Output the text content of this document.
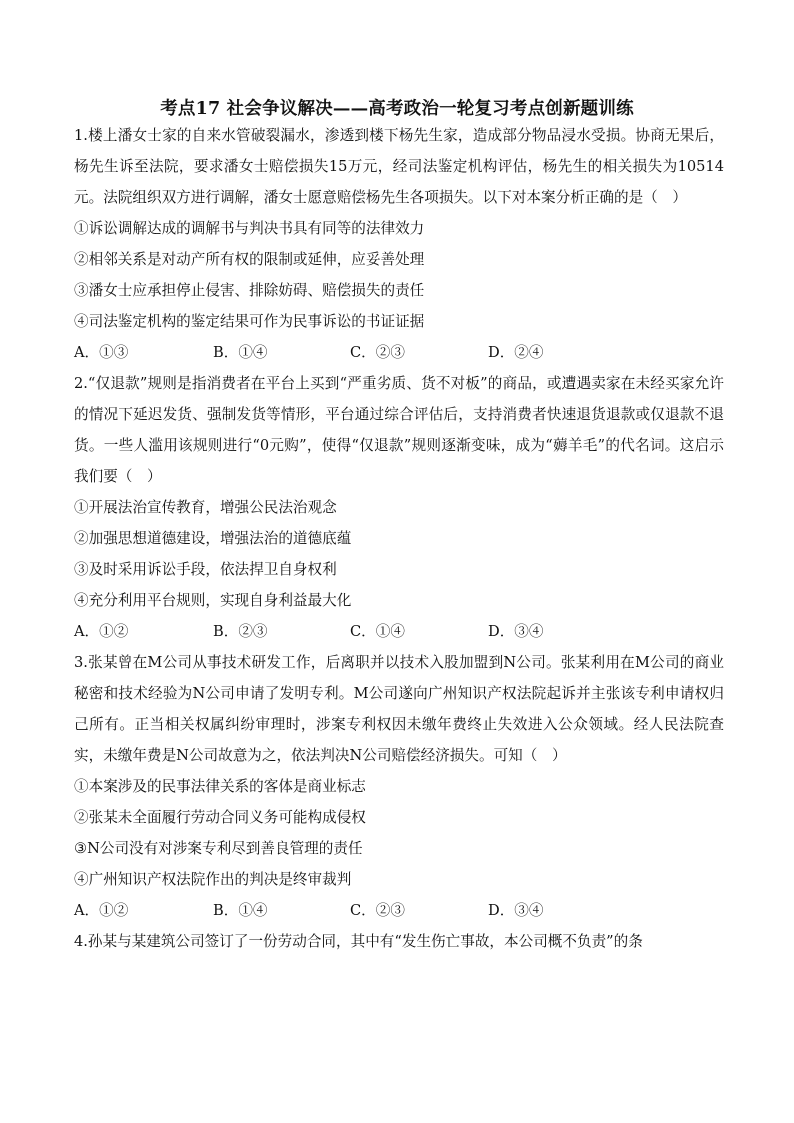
考点17 社会争议解决——高考政治一轮复习考点创新题训练
1.楼上潘女士家的自来水管破裂漏水，渗透到楼下杨先生家，造成部分物品浸水受损。协商无果后，杨先生诉至法院，要求潘女士赔偿损失15万元，经司法鉴定机构评估，杨先生的相关损失为10514元。法院组织双方进行调解，潘女士愿意赔偿杨先生各项损失。以下对本案分析正确的是（　）
①诉讼调解达成的调解书与判决书具有同等的法律效力
②相邻关系是对动产所有权的限制或延伸，应妥善处理
③潘女士应承担停止侵害、排除妨碍、赔偿损失的责任
④司法鉴定机构的鉴定结果可作为民事诉讼的书证证据
A．①③	B．①④	C．②③	D．②④
2.“仅退款”规则是指消费者在平台上买到“严重劣质、货不对板”的商品，或遭遇卖家在未经买家允许的情况下延迟发货、强制发货等情形，平台通过综合评估后，支持消费者快速退货退款或仅退款不退货。一些人滥用该规则进行“0元购”，使得“仅退款”规则逐渐变味，成为“薅羊毛”的代名词。这启示我们要（　）
①开展法治宣传教育，增强公民法治观念
②加强思想道德建设，增强法治的道德底蕴
③及时采用诉讼手段，依法捍卫自身权利
④充分利用平台规则，实现自身利益最大化
A．①②	B．②③	C．①④	D．③④
3.张某曾在M公司从事技术研发工作，后离职并以技术入股加盟到N公司。张某利用在M公司的商业秘密和技术经验为N公司申请了发明专利。M公司遂向广州知识产权法院起诉并主张该专利申请权归己所有。正当相关权属纠纷审理时，涉案专利权因未缴年费终止失效进入公众领域。经人民法院查实，未缴年费是N公司故意为之，依法判决N公司赔偿经济损失。可知（　）
①本案涉及的民事法律关系的客体是商业标志
②张某未全面履行劳动合同义务可能构成侵权
③N公司没有对涉案专利尽到善良管理的责任
④广州知识产权法院作出的判决是终审裁判
A．①②	B．①④	C．②③	D．③④
4.孙某与某建筑公司签订了一份劳动合同，其中有“发生伤亡事故，本公司概不负责”的条
